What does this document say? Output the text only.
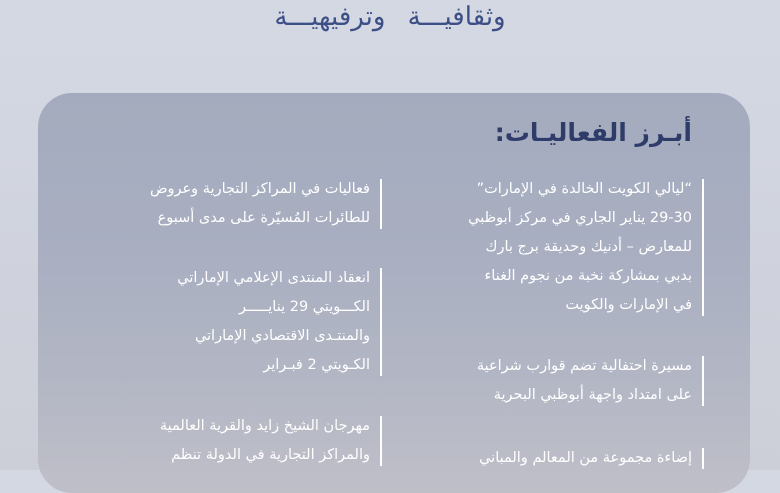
وثقافيـــة وترفيهيـــة
أبـرز الفعاليـات:
“ليالي الكويت الخالدة في الإمارات”
29-30 يناير الجاري في مركز أبوظبي
للمعارض – أدنيك وحديقة برج بارك
بدبي بمشاركة نخبة من نجوم الغناء
في الإمارات والكويت
مسيرة احتفالية تضم قوارب شراعية
على امتداد واجهة أبوظبي البحرية
إضاءة مجموعة من المعالم والمباني
فعاليات في المراكز التجارية وعروض
للطائرات المُسيّرة على مدى أسبوع
انعقاد المنتدى الإعلامي الإماراتي
الكـــويتي 29 ينايـــــر
والمنتـدى الاقتصادي الإماراتي
الكـويتي 2 فبـراير
مهرجان الشيخ زايد والقرية العالمية
والمراكز التجارية في الدولة تنظم
